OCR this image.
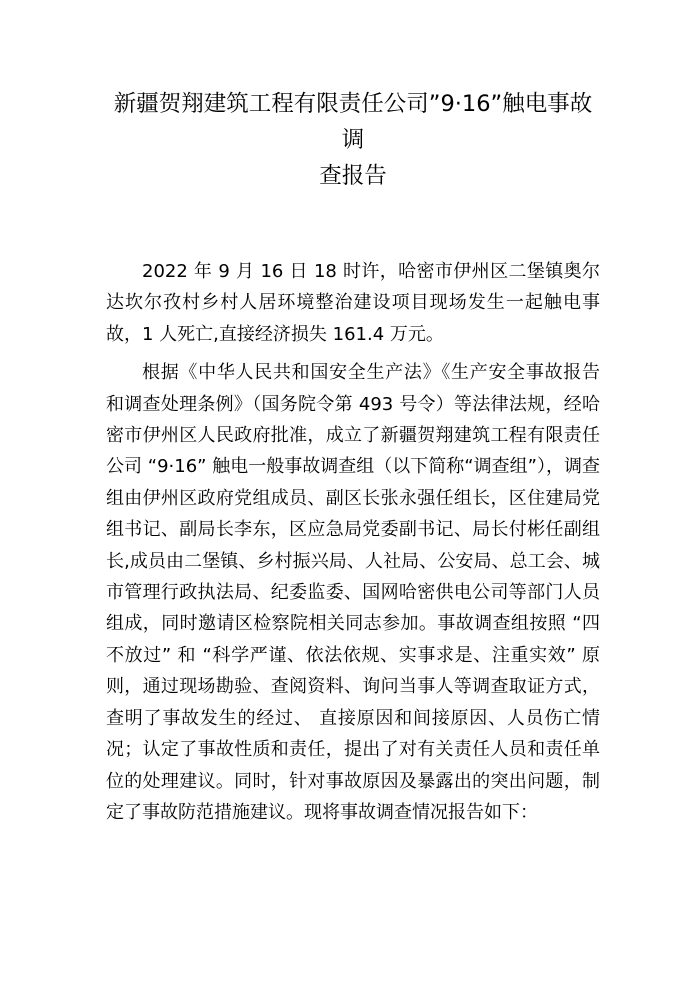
新疆贺翔建筑工程有限责任公司”9·16”触电事故调
查报告

2022 年 9 月 16 日 18 时许，哈密市伊州区二堡镇奥尔达坎尔孜村乡村人居环境整治建设项目现场发生一起触电事故，1 人死亡,直接经济损失 161.4 万元。

根据《中华人民共和国安全生产法》《生产安全事故报告和调查处理条例》（国务院令第 493 号令）等法律法规，经哈密市伊州区人民政府批准，成立了新疆贺翔建筑工程有限责任公司 “9·16” 触电一般事故调查组（以下简称“调查组”），调查组由伊州区政府党组成员、副区长张永强任组长，区住建局党组书记、副局长李东，区应急局党委副书记、局长付彬任副组长,成员由二堡镇、乡村振兴局、人社局、公安局、总工会、城市管理行政执法局、纪委监委、国网哈密供电公司等部门人员组成，同时邀请区检察院相关同志参加。事故调查组按照 “四不放过” 和 “科学严谨、依法依规、实事求是、注重实效” 原则，通过现场勘验、查阅资料、询问当事人等调查取证方式，查明了事故发生的经过、 直接原因和间接原因、人员伤亡情况；认定了事故性质和责任，提出了对有关责任人员和责任单位的处理建议。同时，针对事故原因及暴露出的突出问题，制定了事故防范措施建议。现将事故调查情况报告如下：
